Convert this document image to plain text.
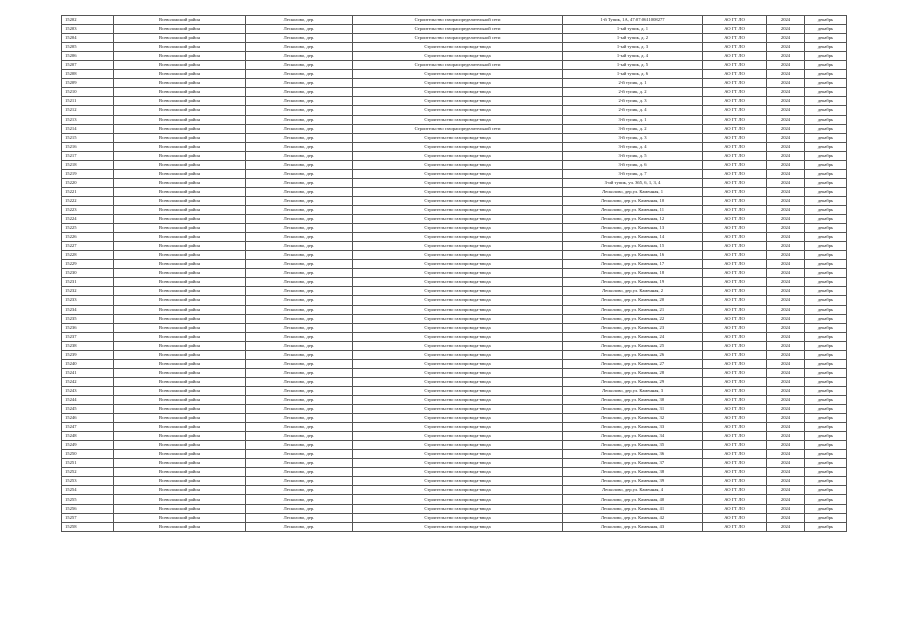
15202	Всеволожский район	Лесколово, дер.	Строительство газораспределительной сети	1-й Тупик, 1А, 47:07:0611008277	АО ГТ ЛО	2024	декабрь
15203	Всеволожский район	Лесколово, дер.	Строительство газораспределительной сети	1-ый тупик, д. 1	АО ГТ ЛО	2024	декабрь
15204	Всеволожский район	Лесколово, дер.	Строительство газораспределительной сети	1-ый тупик, д. 2	АО ГТ ЛО	2024	декабрь
15205	Всеволожский район	Лесколово, дер.	Строительство газопровода-ввода	1-ый тупик, д. 3	АО ГТ ЛО	2024	декабрь
15206	Всеволожский район	Лесколово, дер.	Строительство газопровода-ввода	1-ый тупик, д. 4	АО ГТ ЛО	2024	декабрь
15207	Всеволожский район	Лесколово, дер.	Строительство газораспределительной сети	1-ый тупик, д. 5	АО ГТ ЛО	2024	декабрь
15208	Всеволожский район	Лесколово, дер.	Строительство газопровода-ввода	1-ый тупик, д. 6	АО ГТ ЛО	2024	декабрь
15209	Всеволожский район	Лесколово, дер.	Строительство газопровода-ввода	2-й тупик, д. 1	АО ГТ ЛО	2024	декабрь
15210	Всеволожский район	Лесколово, дер.	Строительство газопровода-ввода	2-й тупик, д. 2	АО ГТ ЛО	2024	декабрь
15211	Всеволожский район	Лесколово, дер.	Строительство газопровода-ввода	2-й тупик, д. 3	АО ГТ ЛО	2024	декабрь
15212	Всеволожский район	Лесколово, дер.	Строительство газопровода-ввода	2-й тупик, д. 4	АО ГТ ЛО	2024	декабрь
15213	Всеволожский район	Лесколово, дер.	Строительство газопровода-ввода	3-й тупик, д. 1	АО ГТ ЛО	2024	декабрь
15214	Всеволожский район	Лесколово, дер.	Строительство газораспределительной сети	3-й тупик, д. 2	АО ГТ ЛО	2024	декабрь
15215	Всеволожский район	Лесколово, дер.	Строительство газопровода-ввода	3-й тупик, д. 3	АО ГТ ЛО	2024	декабрь
15216	Всеволожский район	Лесколово, дер.	Строительство газопровода-ввода	3-й тупик, д. 4	АО ГТ ЛО	2024	декабрь
15217	Всеволожский район	Лесколово, дер.	Строительство газопровода-ввода	3-й тупик, д. 5	АО ГТ ЛО	2024	декабрь
15218	Всеволожский район	Лесколово, дер.	Строительство газопровода-ввода	3-й тупик, д. 6	АО ГТ ЛО	2024	декабрь
15219	Всеволожский район	Лесколово, дер.	Строительство газопровода-ввода	3-й тупик, д. 7	АО ГТ ЛО	2024	декабрь
15220	Всеволожский район	Лесколово, дер.	Строительство газопровода-ввода	3-ий тупик, уч. 365, 6, 1, 3, 4	АО ГТ ЛО	2024	декабрь
15221	Всеволожский район	Лесколово, дер.	Строительство газопровода-ввода	Лесколово, дер.ул. Каменная, 1	АО ГТ ЛО	2024	декабрь
15222	Всеволожский район	Лесколово, дер.	Строительство газопровода-ввода	Лесколово, дер.ул. Каменная, 10	АО ГТ ЛО	2024	декабрь
15223	Всеволожский район	Лесколово, дер.	Строительство газопровода-ввода	Лесколово, дер.ул. Каменная, 11	АО ГТ ЛО	2024	декабрь
15224	Всеволожский район	Лесколово, дер.	Строительство газопровода-ввода	Лесколово, дер.ул. Каменная, 12	АО ГТ ЛО	2024	декабрь
15225	Всеволожский район	Лесколово, дер.	Строительство газопровода-ввода	Лесколово, дер.ул. Каменная, 13	АО ГТ ЛО	2024	декабрь
15226	Всеволожский район	Лесколово, дер.	Строительство газопровода-ввода	Лесколово, дер.ул. Каменная, 14	АО ГТ ЛО	2024	декабрь
15227	Всеволожский район	Лесколово, дер.	Строительство газопровода-ввода	Лесколово, дер.ул. Каменная, 15	АО ГТ ЛО	2024	декабрь
15228	Всеволожский район	Лесколово, дер.	Строительство газопровода-ввода	Лесколово, дер.ул. Каменная, 16	АО ГТ ЛО	2024	декабрь
15229	Всеволожский район	Лесколово, дер.	Строительство газопровода-ввода	Лесколово, дер.ул. Каменная, 17	АО ГТ ЛО	2024	декабрь
15230	Всеволожский район	Лесколово, дер.	Строительство газопровода-ввода	Лесколово, дер.ул. Каменная, 18	АО ГТ ЛО	2024	декабрь
15231	Всеволожский район	Лесколово, дер.	Строительство газопровода-ввода	Лесколово, дер.ул. Каменная, 19	АО ГТ ЛО	2024	декабрь
15232	Всеволожский район	Лесколово, дер.	Строительство газопровода-ввода	Лесколово, дер.ул. Каменная, 2	АО ГТ ЛО	2024	декабрь
15233	Всеволожский район	Лесколово, дер.	Строительство газопровода-ввода	Лесколово, дер.ул. Каменная, 20	АО ГТ ЛО	2024	декабрь
15234	Всеволожский район	Лесколово, дер.	Строительство газопровода-ввода	Лесколово, дер.ул. Каменная, 21	АО ГТ ЛО	2024	декабрь
15235	Всеволожский район	Лесколово, дер.	Строительство газопровода-ввода	Лесколово, дер.ул. Каменная, 22	АО ГТ ЛО	2024	декабрь
15236	Всеволожский район	Лесколово, дер.	Строительство газопровода-ввода	Лесколово, дер.ул. Каменная, 23	АО ГТ ЛО	2024	декабрь
15237	Всеволожский район	Лесколово, дер.	Строительство газопровода-ввода	Лесколово, дер.ул. Каменная, 24	АО ГТ ЛО	2024	декабрь
15238	Всеволожский район	Лесколово, дер.	Строительство газопровода-ввода	Лесколово, дер.ул. Каменная, 25	АО ГТ ЛО	2024	декабрь
15239	Всеволожский район	Лесколово, дер.	Строительство газопровода-ввода	Лесколово, дер.ул. Каменная, 26	АО ГТ ЛО	2024	декабрь
15240	Всеволожский район	Лесколово, дер.	Строительство газопровода-ввода	Лесколово, дер.ул. Каменная, 27	АО ГТ ЛО	2024	декабрь
15241	Всеволожский район	Лесколово, дер.	Строительство газопровода-ввода	Лесколово, дер.ул. Каменная, 28	АО ГТ ЛО	2024	декабрь
15242	Всеволожский район	Лесколово, дер.	Строительство газопровода-ввода	Лесколово, дер.ул. Каменная, 29	АО ГТ ЛО	2024	декабрь
15243	Всеволожский район	Лесколово, дер.	Строительство газопровода-ввода	Лесколово, дер.ул. Каменная, 3	АО ГТ ЛО	2024	декабрь
15244	Всеволожский район	Лесколово, дер.	Строительство газопровода-ввода	Лесколово, дер.ул. Каменная, 30	АО ГТ ЛО	2024	декабрь
15245	Всеволожский район	Лесколово, дер.	Строительство газопровода-ввода	Лесколово, дер.ул. Каменная, 31	АО ГТ ЛО	2024	декабрь
15246	Всеволожский район	Лесколово, дер.	Строительство газопровода-ввода	Лесколово, дер.ул. Каменная, 32	АО ГТ ЛО	2024	декабрь
15247	Всеволожский район	Лесколово, дер.	Строительство газопровода-ввода	Лесколово, дер.ул. Каменная, 33	АО ГТ ЛО	2024	декабрь
15248	Всеволожский район	Лесколово, дер.	Строительство газопровода-ввода	Лесколово, дер.ул. Каменная, 34	АО ГТ ЛО	2024	декабрь
15249	Всеволожский район	Лесколово, дер.	Строительство газопровода-ввода	Лесколово, дер.ул. Каменная, 35	АО ГТ ЛО	2024	декабрь
15250	Всеволожский район	Лесколово, дер.	Строительство газопровода-ввода	Лесколово, дер.ул. Каменная, 36	АО ГТ ЛО	2024	декабрь
15251	Всеволожский район	Лесколово, дер.	Строительство газопровода-ввода	Лесколово, дер.ул. Каменная, 37	АО ГТ ЛО	2024	декабрь
15252	Всеволожский район	Лесколово, дер.	Строительство газопровода-ввода	Лесколово, дер.ул. Каменная, 38	АО ГТ ЛО	2024	декабрь
15253	Всеволожский район	Лесколово, дер.	Строительство газопровода-ввода	Лесколово, дер.ул. Каменная, 39	АО ГТ ЛО	2024	декабрь
15254	Всеволожский район	Лесколово, дер.	Строительство газопровода-ввода	Лесколово, дер.ул. Каменная, 4	АО ГТ ЛО	2024	декабрь
15255	Всеволожский район	Лесколово, дер.	Строительство газопровода-ввода	Лесколово, дер.ул. Каменная, 40	АО ГТ ЛО	2024	декабрь
15256	Всеволожский район	Лесколово, дер.	Строительство газопровода-ввода	Лесколово, дер.ул. Каменная, 41	АО ГТ ЛО	2024	декабрь
15257	Всеволожский район	Лесколово, дер.	Строительство газопровода-ввода	Лесколово, дер.ул. Каменная, 42	АО ГТ ЛО	2024	декабрь
15258	Всеволожский район	Лесколово, дер.	Строительство газопровода-ввода	Лесколово, дер.ул. Каменная, 43	АО ГТ ЛО	2024	декабрь
